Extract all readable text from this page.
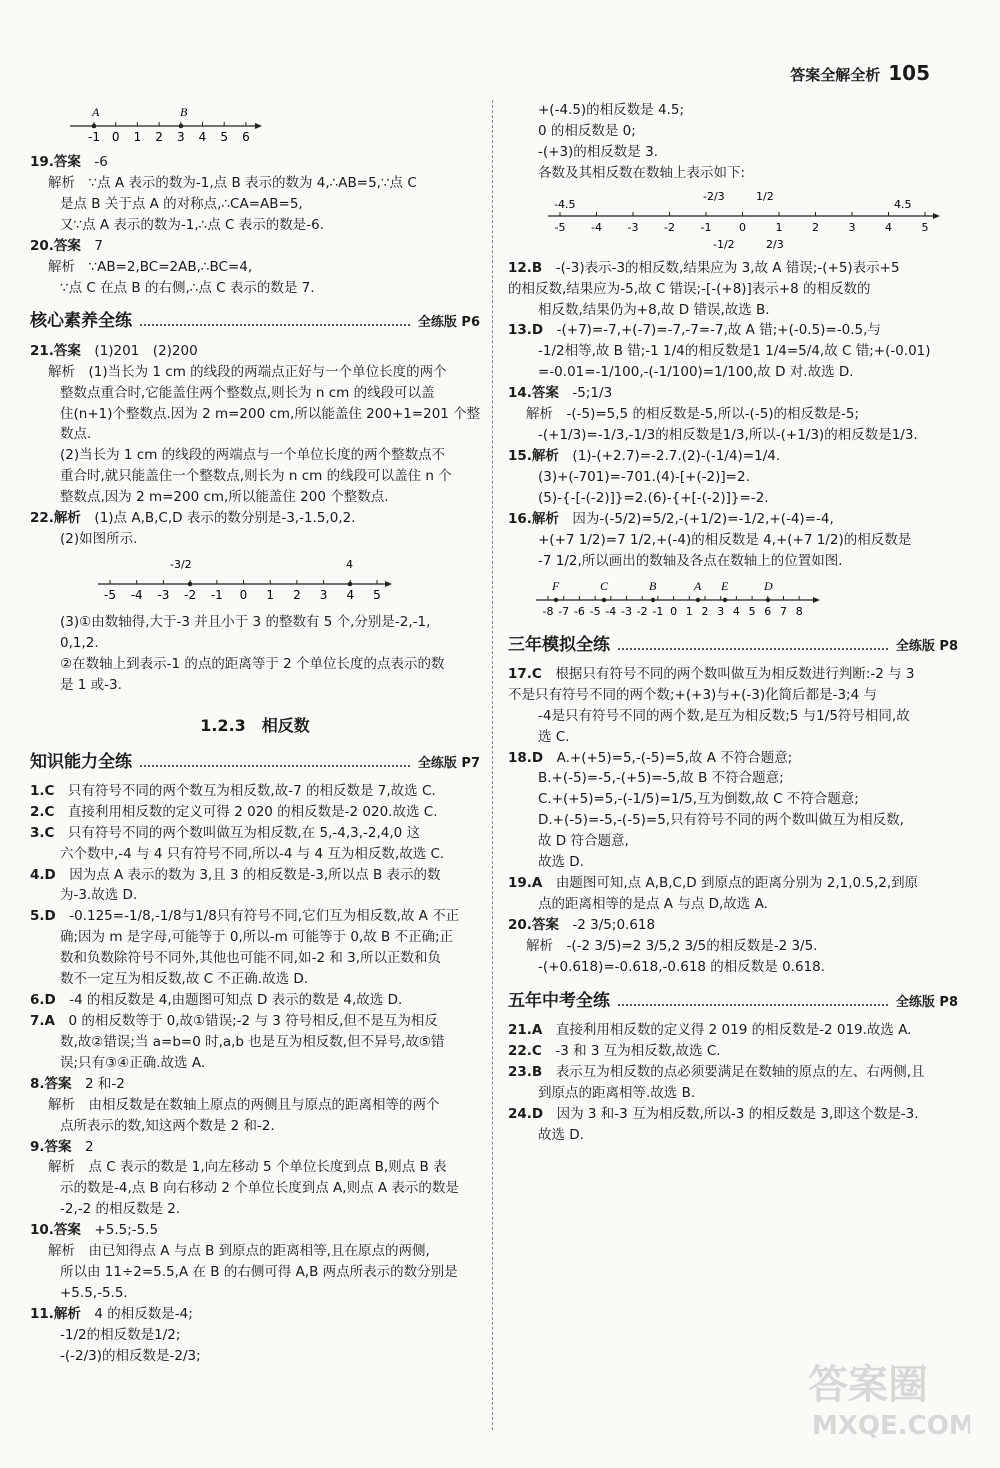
答案全解全析 105
A	B
-1 0 1 2 3 4 5 6
19.答案　-6
解析　∵点 A 表示的数为-1,点 B 表示的数为 4,∴AB=5,∵点 C
是点 B 关于点 A 的对称点,∴CA=AB=5,
又∵点 A 表示的数为-1,∴点 C 表示的数是-6.
20.答案　7
解析　∵AB=2,BC=2AB,∴BC=4,
∵点 C 在点 B 的右侧,∴点 C 表示的数是 7.
核心素养全练	全练版 P6
21.答案　(1)201　(2)200
解析　(1)当长为 1 cm 的线段的两端点正好与一个单位长度的两个
整数点重合时,它能盖住两个整数点,则长为 n cm 的线段可以盖
住(n+1)个整数点.因为 2 m=200 cm,所以能盖住 200+1=201 个整
数点.
(2)当长为 1 cm 的线段的两端点与一个单位长度的两个整数点不
重合时,就只能盖住一个整数点,则长为 n cm 的线段可以盖住 n 个
整数点,因为 2 m=200 cm,所以能盖住 200 个整数点.
22.解析　(1)点 A,B,C,D 表示的数分别是-3,-1.5,0,2.
(2)如图所示.
-3/2	4
-5 -4 -3 -2 -1 0 1 2 3 4 5
(3)①由数轴得,大于-3 并且小于 3 的整数有 5 个,分别是-2,-1,
0,1,2.
②在数轴上到表示-1 的点的距离等于 2 个单位长度的点表示的数
是 1 或-3.
1.2.3　相反数
知识能力全练	全练版 P7
1.C　只有符号不同的两个数互为相反数,故-7 的相反数是 7,故选 C.
2.C　直接利用相反数的定义可得 2 020 的相反数是-2 020.故选 C.
3.C　只有符号不同的两个数叫做互为相反数,在 5,-4,3,-2,4,0 这
六个数中,-4 与 4 只有符号不同,所以-4 与 4 互为相反数,故选 C.
4.D　因为点 A 表示的数为 3,且 3 的相反数是-3,所以点 B 表示的数
为-3.故选 D.
5.D　-0.125=-1/8,-1/8与1/8只有符号不同,它们互为相反数,故 A 不正
确;因为 m 是字母,可能等于 0,所以-m 可能等于 0,故 B 不正确;正
数和负数除符号不同外,其他也可能不同,如-2 和 3,所以正数和负
数不一定互为相反数,故 C 不正确.故选 D.
6.D　-4 的相反数是 4,由题图可知点 D 表示的数是 4,故选 D.
7.A　0 的相反数等于 0,故①错误;-2 与 3 符号相反,但不是互为相反
数,故②错误;当 a=b=0 时,a,b 也是互为相反数,但不异号,故⑤错
误;只有③④正确.故选 A.
8.答案　2 和-2
解析　由相反数是在数轴上原点的两侧且与原点的距离相等的两个
点所表示的数,知这两个数是 2 和-2.
9.答案　2
解析　点 C 表示的数是 1,向左移动 5 个单位长度到点 B,则点 B 表
示的数是-4,点 B 向右移动 2 个单位长度到点 A,则点 A 表示的数是
-2,-2 的相反数是 2.
10.答案　+5.5;-5.5
解析　由已知得点 A 与点 B 到原点的距离相等,且在原点的两侧,
所以由 11÷2=5.5,A 在 B 的右侧可得 A,B 两点所表示的数分别是
+5.5,-5.5.
11.解析　4 的相反数是-4;
-1/2的相反数是1/2;
-(-2/3)的相反数是-2/3;
+(-4.5)的相反数是 4.5;
0 的相反数是 0;
-(+3)的相反数是 3.
各数及其相反数在数轴上表示如下:
-4.5
-2/3	1/2
4.5
-5 -4 -3 -2 -1	0	1	2	3	4	5
-1/2	2/3
12.B　-(-3)表示-3的相反数,结果应为 3,故 A 错误;-(+5)表示+5
的相反数,结果应为-5,故 C 错误;-[-(+8)]表示+8 的相反数的
相反数,结果仍为+8,故 D 错误,故选 B.
13.D　-(+7)=-7,+(-7)=-7,-7=-7,故 A 错;+(-0.5)=-0.5,与
-1/2相等,故 B 错;-1 1/4的相反数是1 1/4=5/4,故 C 错;+(-0.01)
=-0.01=-1/100,-(-1/100)=1/100,故 D 对.故选 D.
14.答案　-5;1/3
解析　-(-5)=5,5 的相反数是-5,所以-(-5)的相反数是-5;
-(+1/3)=-1/3,-1/3的相反数是1/3,所以-(+1/3)的相反数是1/3.
15.解析　(1)-(+2.7)=-2.7.(2)-(-1/4)=1/4.
(3)+(-701)=-701.(4)-[+(-2)]=2.
(5)-{-[-(-2)]}=2.(6)-{+[-(-2)]}=-2.
16.解析　因为-(-5/2)=5/2,-(+1/2)=-1/2,+(-4)=-4,
+(+7 1/2)=7 1/2,+(-4)的相反数是 4,+(+7 1/2)的相反数是
-7 1/2,所以画出的数轴及各点在数轴上的位置如图.
F	C	B	A E	D
-8 -7 -6 -5 -4 -3 -2 -1 0 1 2 3 4 5 6 7 8
三年模拟全练	全练版 P8
17.C　根据只有符号不同的两个数叫做互为相反数进行判断:-2 与 3
不是只有符号不同的两个数;+(+3)与+(-3)化简后都是-3;4 与
-4是只有符号不同的两个数,是互为相反数;5 与1/5符号相同,故
选 C.
18.D　A.+(+5)=5,-(-5)=5,故 A 不符合题意;
B.+(-5)=-5,-(+5)=-5,故 B 不符合题意;
C.+(+5)=5,-(-1/5)=1/5,互为倒数,故 C 不符合题意;
D.+(-5)=-5,-(-5)=5,只有符号不同的两个数叫做互为相反数,
故 D 符合题意,
故选 D.
19.A　由题图可知,点 A,B,C,D 到原点的距离分别为 2,1,0.5,2,到原
点的距离相等的是点 A 与点 D,故选 A.
20.答案　-2 3/5;0.618
解析　-(-2 3/5)=2 3/5,2 3/5的相反数是-2 3/5.
-(+0.618)=-0.618,-0.618 的相反数是 0.618.
五年中考全练	全练版 P8
21.A　直接利用相反数的定义得 2 019 的相反数是-2 019.故选 A.
22.C　-3 和 3 互为相反数,故选 C.
23.B　表示互为相反数的点必须要满足在数轴的原点的左、右两侧,且
到原点的距离相等.故选 B.
24.D　因为 3 和-3 互为相反数,所以-3 的相反数是 3,即这个数是-3.
故选 D.
答案圈
MXQE.COM
